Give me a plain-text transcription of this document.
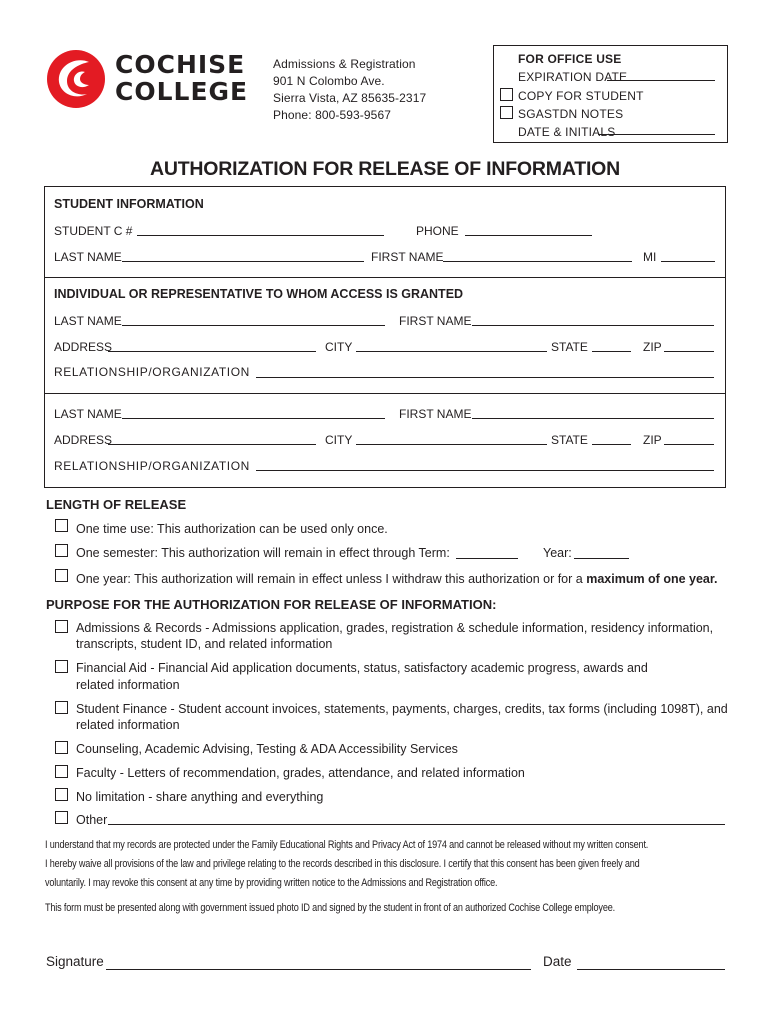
COCHISE
COLLEGE
Admissions & Registration
901 N Colombo Ave.
Sierra Vista, AZ 85635-2317
Phone: 800-593-9567
FOR OFFICE USE
EXPIRATION DATE
COPY FOR STUDENT
SGASTDN NOTES
DATE & INITIALS
AUTHORIZATION FOR RELEASE OF INFORMATION
STUDENT INFORMATION
STUDENT C #	PHONE
LAST NAME	FIRST NAME	MI
INDIVIDUAL OR REPRESENTATIVE TO WHOM ACCESS IS GRANTED
LAST NAME	FIRST NAME
ADDRESS	CITY	STATE	ZIP
RELATIONSHIP/ORGANIZATION
LAST NAME	FIRST NAME
ADDRESS	CITY	STATE	ZIP
RELATIONSHIP/ORGANIZATION
LENGTH OF RELEASE
One time use: This authorization can be used only once.
One semester: This authorization will remain in effect through Term:	Year:
One year: This authorization will remain in effect unless I withdraw this authorization or for a maximum of one year.
PURPOSE FOR THE AUTHORIZATION FOR RELEASE OF INFORMATION:
Admissions & Records - Admissions application, grades, registration & schedule information, residency information,
transcripts, student ID, and related information
Financial Aid - Financial Aid application documents, status, satisfactory academic progress, awards and
related information
Student Finance - Student account invoices, statements, payments, charges, credits, tax forms (including 1098T), and
related information
Counseling, Academic Advising, Testing & ADA Accessibility Services
Faculty - Letters of recommendation, grades, attendance, and related information
No limitation - share anything and everything
Other
I understand that my records are protected under the Family Educational Rights and Privacy Act of 1974 and cannot be released without my written consent.
I hereby waive all provisions of the law and privilege relating to the records described in this disclosure. I certify that this consent has been given freely and
voluntarily. I may revoke this consent at any time by providing written notice to the Admissions and Registration office.
This form must be presented along with government issued photo ID and signed by the student in front of an authorized Cochise College employee.
Signature	Date
